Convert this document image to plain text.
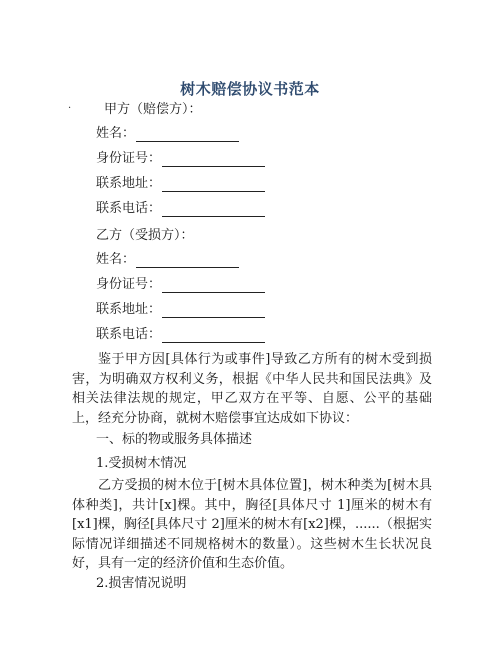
树木赔偿协议书范本
·	甲方（赔偿方）：
姓名：
身份证号：
联系地址：
联系电话：
乙方（受损方）：
姓名：
身份证号：
联系地址：
联系电话：
鉴于甲方因[具体行为或事件]导致乙方所有的树木受到损害，为明确双方权利义务，根据《中华人民共和国民法典》及相关法律法规的规定，甲乙双方在平等、自愿、公平的基础上，经充分协商，就树木赔偿事宜达成如下协议：
一、标的物或服务具体描述
1.受损树木情况
乙方受损的树木位于[树木具体位置]，树木种类为[树木具体种类]，共计[x]棵。其中，胸径[具体尺寸 1]厘米的树木有[x1]棵，胸径[具体尺寸 2]厘米的树木有[x2]棵，......（根据实际情况详细描述不同规格树木的数量）。这些树木生长状况良好，具有一定的经济价值和生态价值。
2.损害情况说明
